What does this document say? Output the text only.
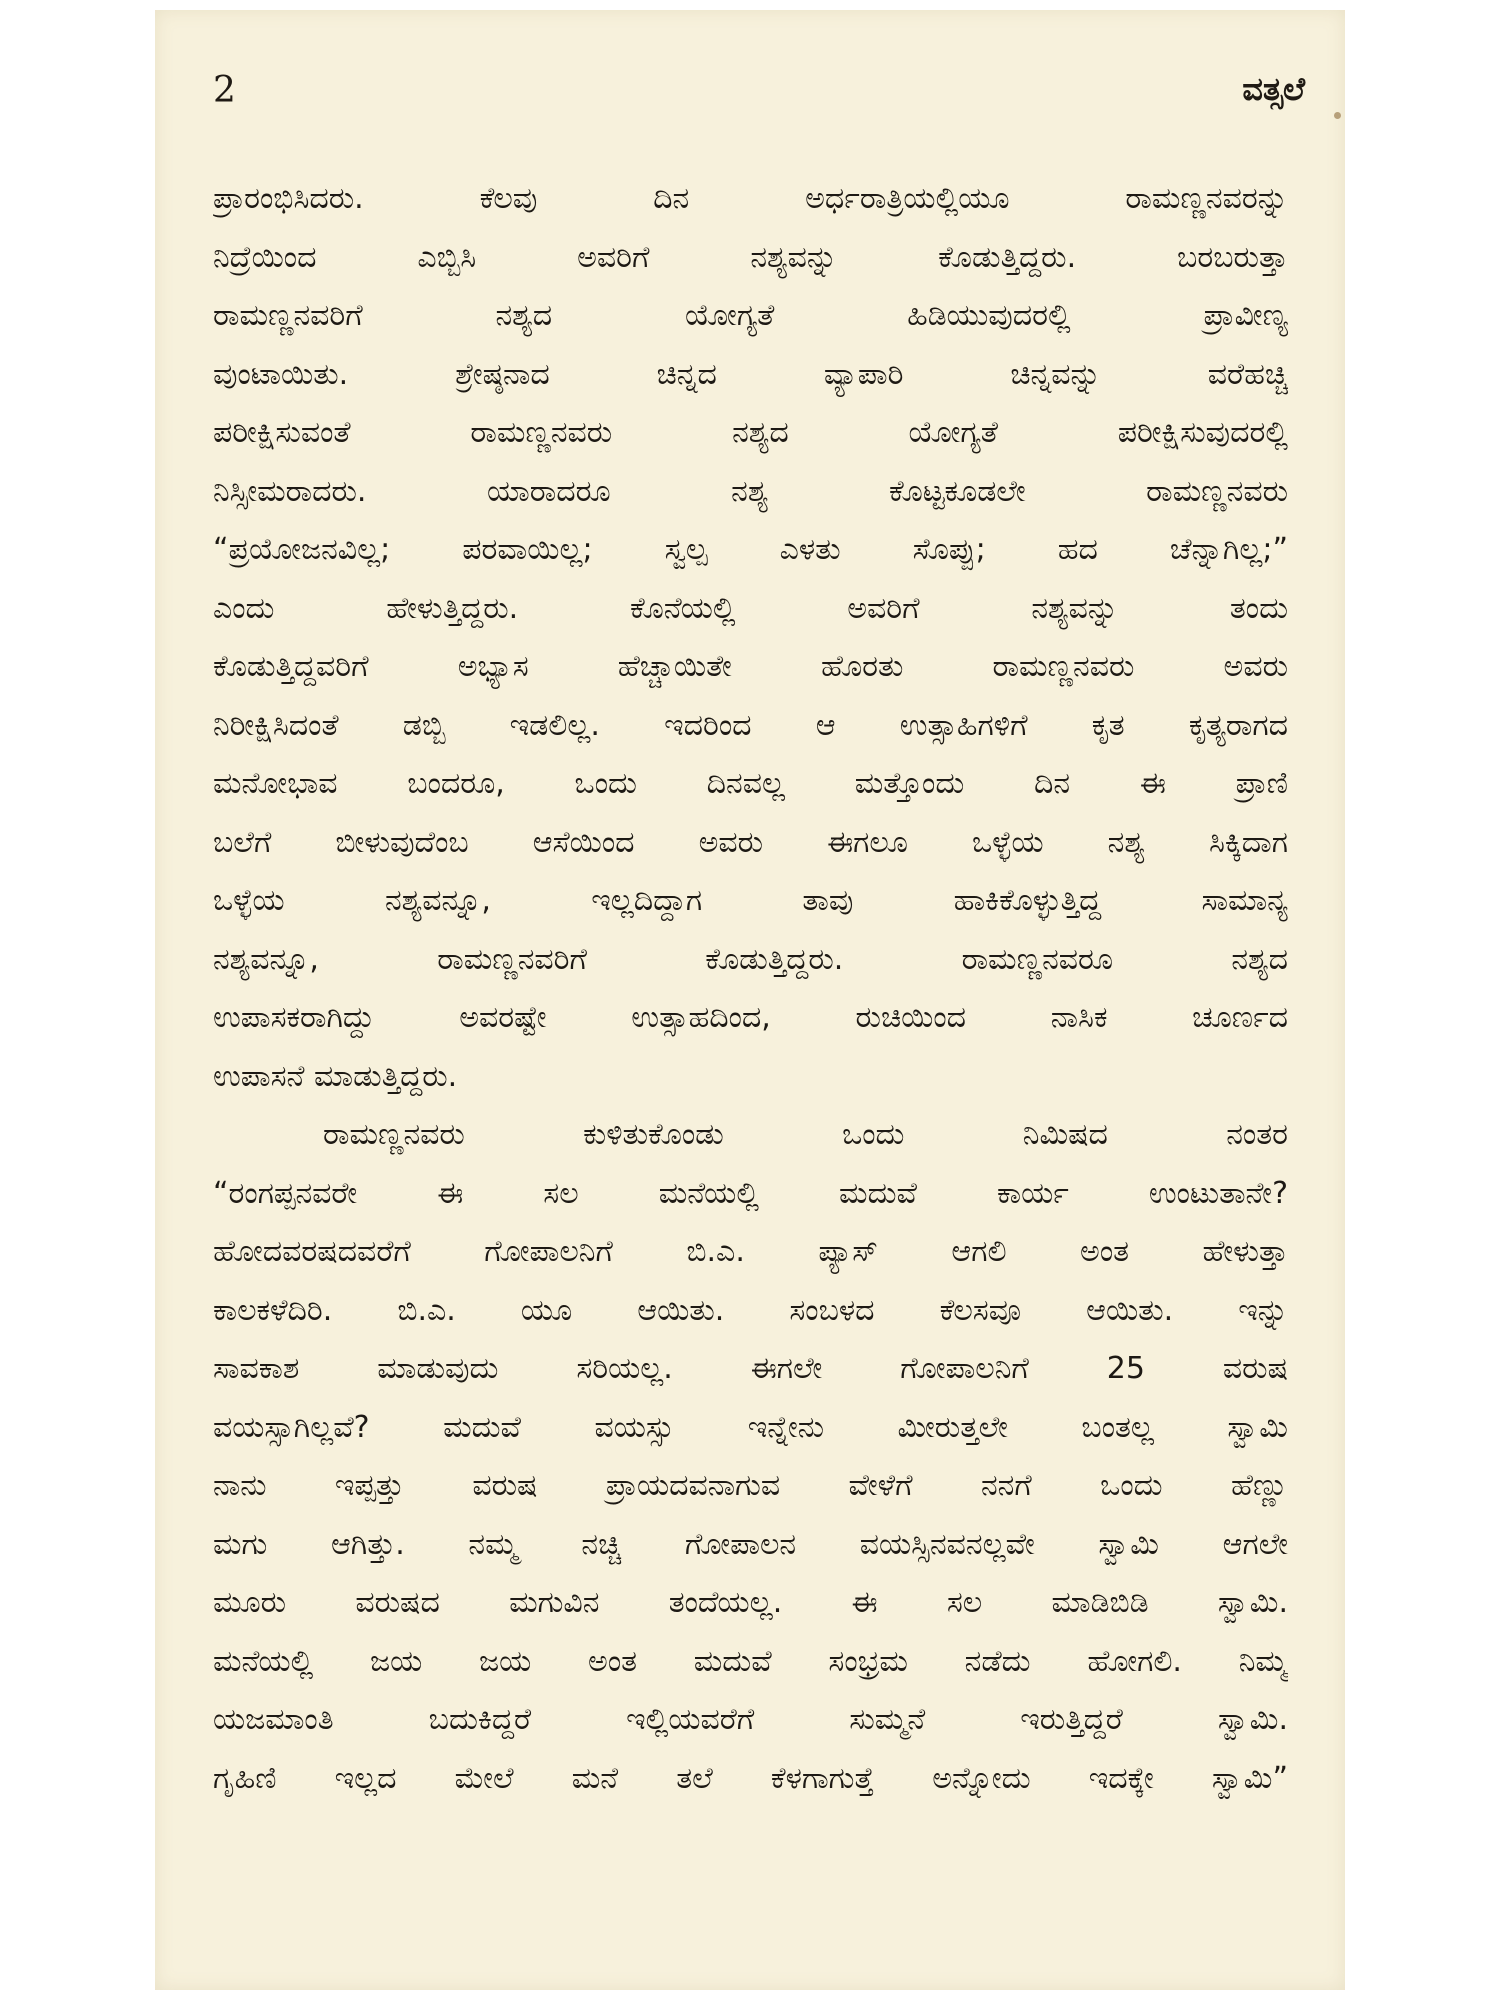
2	ವತ್ಸಲೆ
ಪ್ರಾರಂಭಿಸಿದರು. ಕೆಲವು ದಿನ ಅರ್ಧರಾತ್ರಿಯಲ್ಲಿಯೂ ರಾಮಣ್ಣನವರನ್ನು
ನಿದ್ರೆಯಿಂದ ಎಬ್ಬಿಸಿ ಅವರಿಗೆ ನಶ್ಯವನ್ನು ಕೊಡುತ್ತಿದ್ದರು. ಬರಬರುತ್ತಾ
ರಾಮಣ್ಣನವರಿಗೆ ನಶ್ಯದ ಯೋಗ್ಯತೆ ಹಿಡಿಯುವುದರಲ್ಲಿ ಪ್ರಾವೀಣ್ಯ
ವುಂಟಾಯಿತು. ಶ್ರೇಷ್ಠನಾದ ಚಿನ್ನದ ವ್ಯಾಪಾರಿ ಚಿನ್ನವನ್ನು ವರೆಹಚ್ಚಿ
ಪರೀಕ್ಷಿಸುವಂತೆ ರಾಮಣ್ಣನವರು ನಶ್ಯದ ಯೋಗ್ಯತೆ ಪರೀಕ್ಷಿಸುವುದರಲ್ಲಿ
ನಿಸ್ಸೀಮರಾದರು. ಯಾರಾದರೂ ನಶ್ಯ ಕೊಟ್ಟಕೂಡಲೇ ರಾಮಣ್ಣನವರು
“ಪ್ರಯೋಜನವಿಲ್ಲ; ಪರವಾಯಿಲ್ಲ; ಸ್ವಲ್ಪ ಎಳತು ಸೊಪ್ಪು; ಹದ ಚೆನ್ನಾಗಿಲ್ಲ;”
ಎಂದು ಹೇಳುತ್ತಿದ್ದರು. ಕೊನೆಯಲ್ಲಿ ಅವರಿಗೆ ನಶ್ಯವನ್ನು ತಂದು
ಕೊಡುತ್ತಿದ್ದವರಿಗೆ ಅಭ್ಯಾಸ ಹೆಚ್ಚಾಯಿತೇ ಹೊರತು ರಾಮಣ್ಣನವರು ಅವರು
ನಿರೀಕ್ಷಿಸಿದಂತೆ ಡಬ್ಬಿ ಇಡಲಿಲ್ಲ. ಇದರಿಂದ ಆ ಉತ್ಸಾಹಿಗಳಿಗೆ ಕೃತ ಕೃತ್ಯರಾಗದ
ಮನೋಭಾವ ಬಂದರೂ, ಒಂದು ದಿನವಲ್ಲ ಮತ್ತೊಂದು ದಿನ ಈ ಪ್ರಾಣಿ
ಬಲೆಗೆ ಬೀಳುವುದೆಂಬ ಆಸೆಯಿಂದ ಅವರು ಈಗಲೂ ಒಳ್ಳೆಯ ನಶ್ಯ ಸಿಕ್ಕಿದಾಗ
ಒಳ್ಳೆಯ ನಶ್ಯವನ್ನೂ, ಇಲ್ಲದಿದ್ದಾಗ ತಾವು ಹಾಕಿಕೊಳ್ಳುತ್ತಿದ್ದ ಸಾಮಾನ್ಯ
ನಶ್ಯವನ್ನೂ, ರಾಮಣ್ಣನವರಿಗೆ ಕೊಡುತ್ತಿದ್ದರು. ರಾಮಣ್ಣನವರೂ ನಶ್ಯದ
ಉಪಾಸಕರಾಗಿದ್ದು ಅವರಷ್ಟೇ ಉತ್ಸಾಹದಿಂದ, ರುಚಿಯಿಂದ ನಾಸಿಕ ಚೂರ್ಣದ
ಉಪಾಸನೆ ಮಾಡುತ್ತಿದ್ದರು.
ರಾಮಣ್ಣನವರು ಕುಳಿತುಕೊಂಡು ಒಂದು ನಿಮಿಷದ ನಂತರ
“ರಂಗಪ್ಪನವರೇ ಈ ಸಲ ಮನೆಯಲ್ಲಿ ಮದುವೆ ಕಾರ್ಯ ಉಂಟುತಾನೇ?
ಹೋದವರಷದವರೆಗೆ ಗೋಪಾಲನಿಗೆ ಬಿ.ಎ. ಪ್ಯಾಸ್ ಆಗಲಿ ಅಂತ ಹೇಳುತ್ತಾ
ಕಾಲಕಳೆದಿರಿ. ಬಿ.ಎ. ಯೂ ಆಯಿತು. ಸಂಬಳದ ಕೆಲಸವೂ ಆಯಿತು. ಇನ್ನು
ಸಾವಕಾಶ ಮಾಡುವುದು ಸರಿಯಲ್ಲ. ಈಗಲೇ ಗೋಪಾಲನಿಗೆ 25 ವರುಷ
ವಯಸ್ಸಾಗಿಲ್ಲವೆ? ಮದುವೆ ವಯಸ್ಸು ಇನ್ನೇನು ಮೀರುತ್ತಲೇ ಬಂತಲ್ಲ ಸ್ವಾಮಿ
ನಾನು ಇಪ್ಪತ್ತು ವರುಷ ಪ್ರಾಯದವನಾಗುವ ವೇಳೆಗೆ ನನಗೆ ಒಂದು ಹೆಣ್ಣು
ಮಗು ಆಗಿತ್ತು. ನಮ್ಮ ನಚ್ಚಿ ಗೋಪಾಲನ ವಯಸ್ಸಿನವನಲ್ಲವೇ ಸ್ವಾಮಿ ಆಗಲೇ
ಮೂರು ವರುಷದ ಮಗುವಿನ ತಂದೆಯಲ್ಲ. ಈ ಸಲ ಮಾಡಿಬಿಡಿ ಸ್ವಾಮಿ.
ಮನೆಯಲ್ಲಿ ಜಯ ಜಯ ಅಂತ ಮದುವೆ ಸಂಭ್ರಮ ನಡೆದು ಹೋಗಲಿ. ನಿಮ್ಮ
ಯಜಮಾಂತಿ ಬದುಕಿದ್ದರೆ ಇಲ್ಲಿಯವರೆಗೆ ಸುಮ್ಮನೆ ಇರುತ್ತಿದ್ದರೆ ಸ್ವಾಮಿ.
ಗೃಹಿಣಿ ಇಲ್ಲದ ಮೇಲೆ ಮನೆ ತಲೆ ಕೆಳಗಾಗುತ್ತೆ ಅನ್ನೋದು ಇದಕ್ಕೇ ಸ್ವಾಮಿ”
